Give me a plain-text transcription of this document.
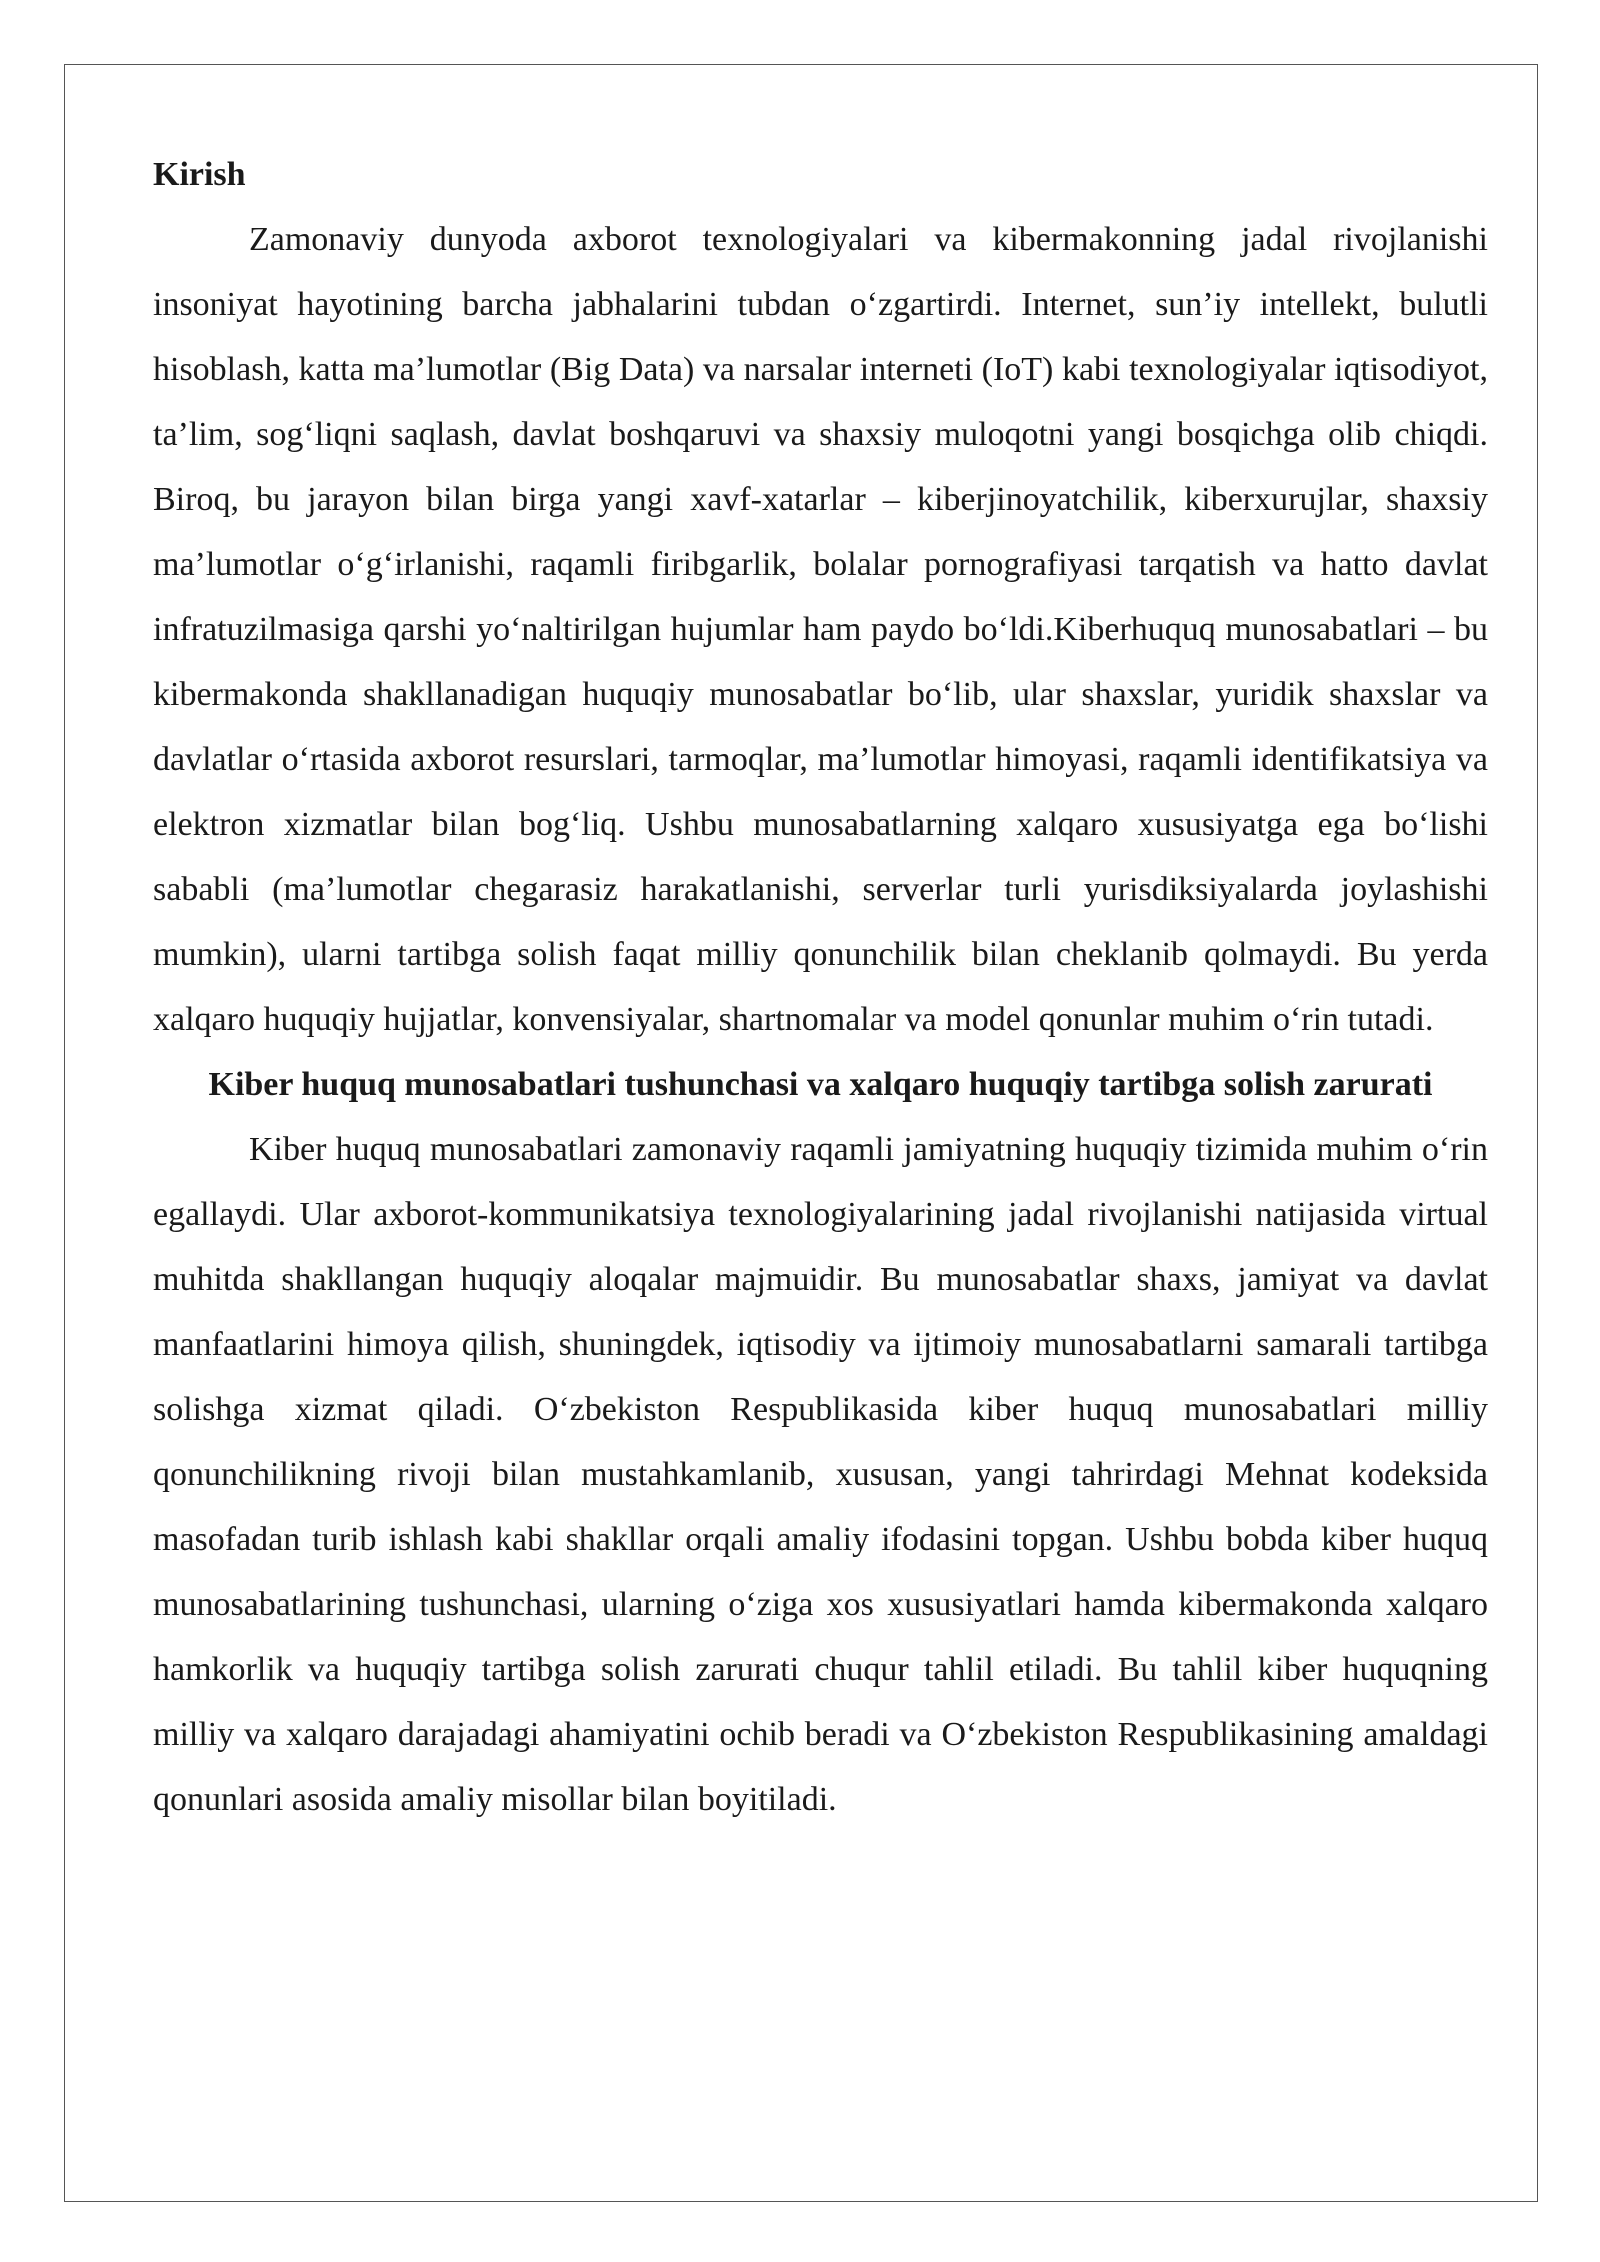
Kirish

Zamonaviy dunyoda axborot texnologiyalari va kibermakonning jadal rivojlanishi insoniyat hayotining barcha jabhalarini tubdan o‘zgartirdi. Internet, sun’iy intellekt, bulutli hisoblash, katta ma’lumotlar (Big Data) va narsalar interneti (IoT) kabi texnologiyalar iqtisodiyot, ta’lim, sog‘liqni saqlash, davlat boshqaruvi va shaxsiy muloqotni yangi bosqichga olib chiqdi. Biroq, bu jarayon bilan birga yangi xavf-xatarlar – kiberjinoyatchilik, kiberxurujlar, shaxsiy ma’lumotlar o‘g‘irlanishi, raqamli firibgarlik, bolalar pornografiyasi tarqatish va hatto davlat infratuzilmasiga qarshi yo‘naltirilgan hujumlar ham paydo bo‘ldi.Kiberhuquq munosabatlari – bu kibermakonda shakllanadigan huquqiy munosabatlar bo‘lib, ular shaxslar, yuridik shaxslar va davlatlar o‘rtasida axborot resurslari, tarmoqlar, ma’lumotlar himoyasi, raqamli identifikatsiya va elektron xizmatlar bilan bog‘liq. Ushbu munosabatlarning xalqaro xususiyatga ega bo‘lishi sababli (ma’lumotlar chegarasiz harakatlanishi, serverlar turli yurisdiksiyalarda joylashishi mumkin), ularni tartibga solish faqat milliy qonunchilik bilan cheklanib qolmaydi. Bu yerda xalqaro huquqiy hujjatlar, konvensiyalar, shartnomalar va model qonunlar muhim o‘rin tutadi.

Kiber huquq munosabatlari tushunchasi va xalqaro huquqiy tartibga solish zarurati

Kiber huquq munosabatlari zamonaviy raqamli jamiyatning huquqiy tizimida muhim o‘rin egallaydi. Ular axborot-kommunikatsiya texnologiyalarining jadal rivojlanishi natijasida virtual muhitda shakllangan huquqiy aloqalar majmuidir. Bu munosabatlar shaxs, jamiyat va davlat manfaatlarini himoya qilish, shuningdek, iqtisodiy va ijtimoiy munosabatlarni samarali tartibga solishga xizmat qiladi. O‘zbekiston Respublikasida kiber huquq munosabatlari milliy qonunchilikning rivoji bilan mustahkamlanib, xususan, yangi tahrirdagi Mehnat kodeksida masofadan turib ishlash kabi shakllar orqali amaliy ifodasini topgan. Ushbu bobda kiber huquq munosabatlarining tushunchasi, ularning o‘ziga xos xususiyatlari hamda kibermakonda xalqaro hamkorlik va huquqiy tartibga solish zarurati chuqur tahlil etiladi. Bu tahlil kiber huquqning milliy va xalqaro darajadagi ahamiyatini ochib beradi va O‘zbekiston Respublikasining amaldagi qonunlari asosida amaliy misollar bilan boyitiladi.
